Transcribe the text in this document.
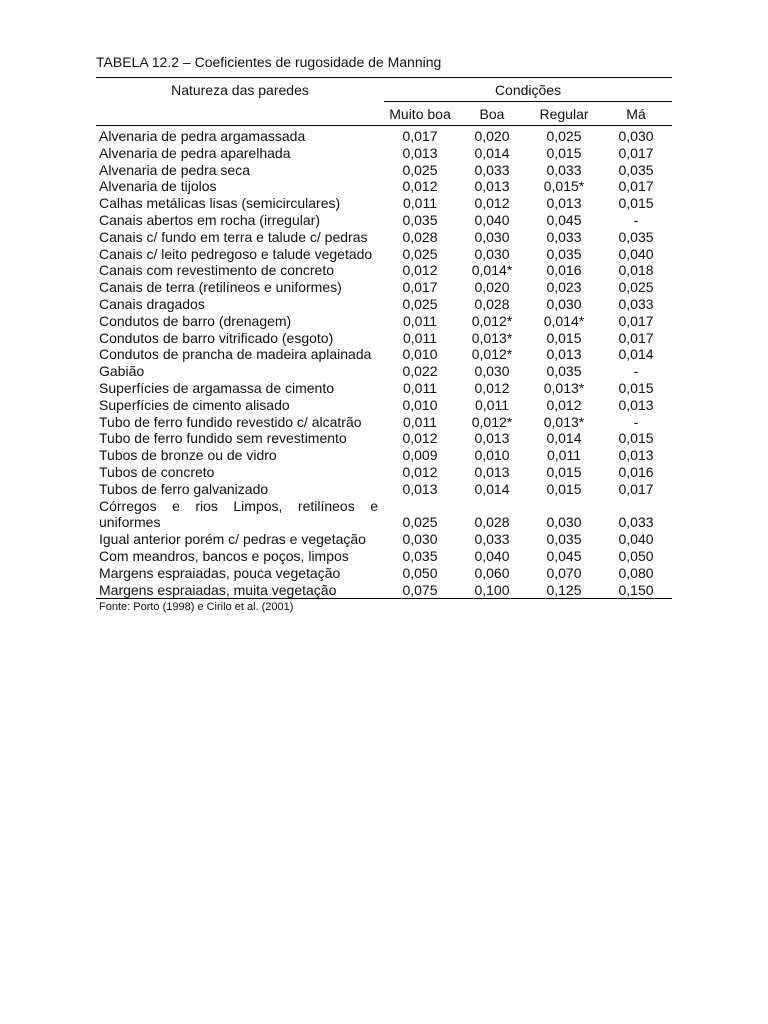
TABELA 12.2 – Coeficientes de rugosidade de Manning
Natureza das paredes	Condições			
	Muito boa	Boa	Regular	Má
Alvenaria de pedra argamassada	0,017	0,020	0,025	0,030
Alvenaria de pedra aparelhada	0,013	0,014	0,015	0,017
Alvenaria de pedra seca	0,025	0,033	0,033	0,035
Alvenaria de tijolos	0,012	0,013	0,015*	0,017
Calhas metálicas lisas (semicirculares)	0,011	0,012	0,013	0,015
Canais abertos em rocha (irregular)	0,035	0,040	0,045	-
Canais c/ fundo em terra e talude c/ pedras	0,028	0,030	0,033	0,035
Canais c/ leito pedregoso e talude vegetado	0,025	0,030	0,035	0,040
Canais com revestimento de concreto	0,012	0,014*	0,016	0,018
Canais de terra (retilíneos e uniformes)	0,017	0,020	0,023	0,025
Canais dragados	0,025	0,028	0,030	0,033
Condutos de barro (drenagem)	0,011	0,012*	0,014*	0,017
Condutos de barro vitrificado (esgoto)	0,011	0,013*	0,015	0,017
Condutos de prancha de madeira aplainada	0,010	0,012*	0,013	0,014
Gabião	0,022	0,030	0,035	-
Superfícies de argamassa de cimento	0,011	0,012	0,013*	0,015
Superfícies de cimento alisado	0,010	0,011	0,012	0,013
Tubo de ferro fundido revestido c/ alcatrão	0,011	0,012*	0,013*	-
Tubo de ferro fundido sem revestimento	0,012	0,013	0,014	0,015
Tubos de bronze ou de vidro	0,009	0,010	0,011	0,013
Tubos de concreto	0,012	0,013	0,015	0,016
Tubos de ferro galvanizado	0,013	0,014	0,015	0,017
Córregos e rios Limpos, retilíneos e uniformes	0,025	0,028	0,030	0,033
Igual anterior porém c/ pedras e vegetação	0,030	0,033	0,035	0,040
Com meandros, bancos e poços, limpos	0,035	0,040	0,045	0,050
Margens espraiadas, pouca vegetação	0,050	0,060	0,070	0,080
Margens espraiadas, muita vegetação	0,075	0,100	0,125	0,150
Fonte: Porto (1998) e Cirilo et al. (2001)
